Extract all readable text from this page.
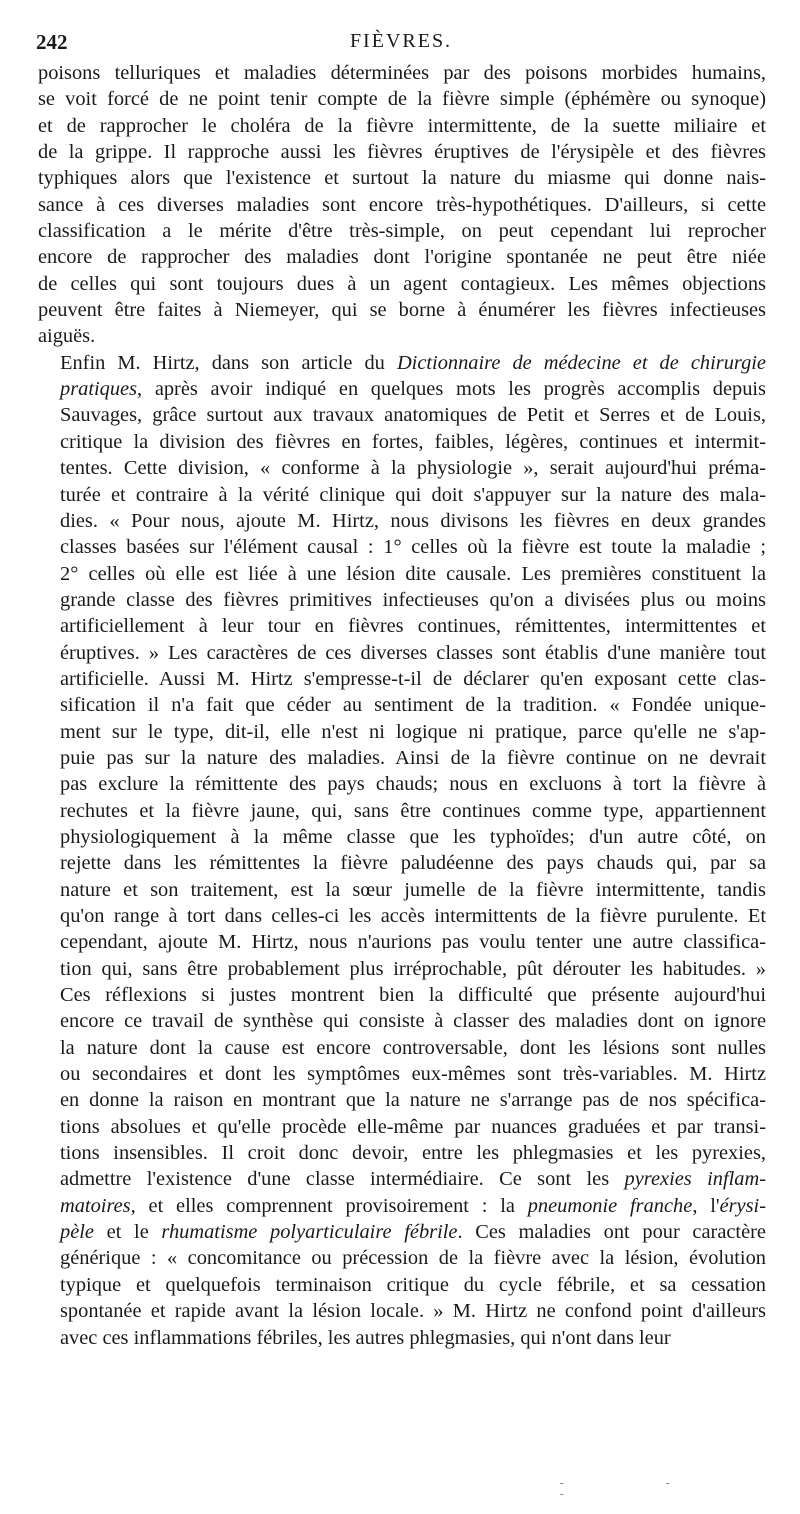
242	FIÈVRES.

poisons telluriques et maladies déterminées par des poisons morbides humains,
se voit forcé de ne point tenir compte de la fièvre simple (éphémère ou synoque)
et de rapprocher le choléra de la fièvre intermittente, de la suette miliaire et
de la grippe. Il rapproche aussi les fièvres éruptives de l'érysipèle et des fièvres
typhiques alors que l'existence et surtout la nature du miasme qui donne nais-
sance à ces diverses maladies sont encore très-hypothétiques. D'ailleurs, si cette
classification a le mérite d'être très-simple, on peut cependant lui reprocher
encore de rapprocher des maladies dont l'origine spontanée ne peut être niée
de celles qui sont toujours dues à un agent contagieux. Les mêmes objections
peuvent être faites à Niemeyer, qui se borne à énumérer les fièvres infectieuses
aiguës.

Enfin M. Hirtz, dans son article du Dictionnaire de médecine et de chirurgie
pratiques, après avoir indiqué en quelques mots les progrès accomplis depuis
Sauvages, grâce surtout aux travaux anatomiques de Petit et Serres et de Louis,
critique la division des fièvres en fortes, faibles, légères, continues et intermit-
tentes. Cette division, « conforme à la physiologie », serait aujourd'hui préma-
turée et contraire à la vérité clinique qui doit s'appuyer sur la nature des mala-
dies. « Pour nous, ajoute M. Hirtz, nous divisons les fièvres en deux grandes
classes basées sur l'élément causal : 1° celles où la fièvre est toute la maladie ;
2° celles où elle est liée à une lésion dite causale. Les premières constituent la
grande classe des fièvres primitives infectieuses qu'on a divisées plus ou moins
artificiellement à leur tour en fièvres continues, rémittentes, intermittentes et
éruptives. » Les caractères de ces diverses classes sont établis d'une manière tout
artificielle. Aussi M. Hirtz s'empresse-t-il de déclarer qu'en exposant cette clas-
sification il n'a fait que céder au sentiment de la tradition. « Fondée unique-
ment sur le type, dit-il, elle n'est ni logique ni pratique, parce qu'elle ne s'ap-
puie pas sur la nature des maladies. Ainsi de la fièvre continue on ne devrait
pas exclure la rémittente des pays chauds; nous en excluons à tort la fièvre à
rechutes et la fièvre jaune, qui, sans être continues comme type, appartiennent
physiologiquement à la même classe que les typhoïdes; d'un autre côté, on
rejette dans les rémittentes la fièvre paludéenne des pays chauds qui, par sa
nature et son traitement, est la sœur jumelle de la fièvre intermittente, tandis
qu'on range à tort dans celles-ci les accès intermittents de la fièvre purulente. Et
cependant, ajoute M. Hirtz, nous n'aurions pas voulu tenter une autre classifica-
tion qui, sans être probablement plus irréprochable, pût dérouter les habitudes. »
Ces réflexions si justes montrent bien la difficulté que présente aujourd'hui
encore ce travail de synthèse qui consiste à classer des maladies dont on ignore
la nature dont la cause est encore controversable, dont les lésions sont nulles
ou secondaires et dont les symptômes eux-mêmes sont très-variables. M. Hirtz
en donne la raison en montrant que la nature ne s'arrange pas de nos spécifica-
tions absolues et qu'elle procède elle-même par nuances graduées et par transi-
tions insensibles. Il croit donc devoir, entre les phlegmasies et les pyrexies,
admettre l'existence d'une classe intermédiaire. Ce sont les pyrexies inflam-
matoires, et elles comprennent provisoirement : la pneumonie franche, l'érysi-
pèle et le rhumatisme polyarticulaire fébrile. Ces maladies ont pour caractère
générique : « concomitance ou précession de la fièvre avec la lésion, évolution
typique et quelquefois terminaison critique du cycle fébrile, et sa cessation
spontanée et rapide avant la lésion locale. » M. Hirtz ne confond point d'ailleurs
avec ces inflammations fébriles, les autres phlegmasies, qui n'ont dans leur

- - -
